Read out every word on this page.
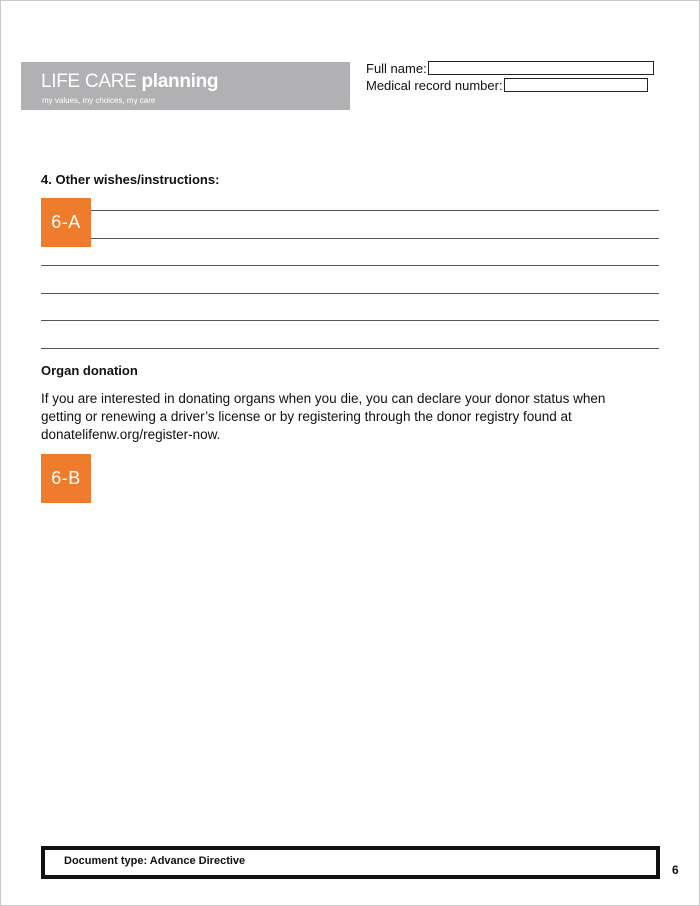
LIFE CARE planning
my values, my choices, my care
Full name:
Medical record number:
4. Other wishes/instructions:
6-A
Organ donation
If you are interested in donating organs when you die, you can declare your donor status when getting or renewing a driver’s license or by registering through the donor registry found at donatelifenw.org/register-now.
6-B
Document type: Advance Directive
6
